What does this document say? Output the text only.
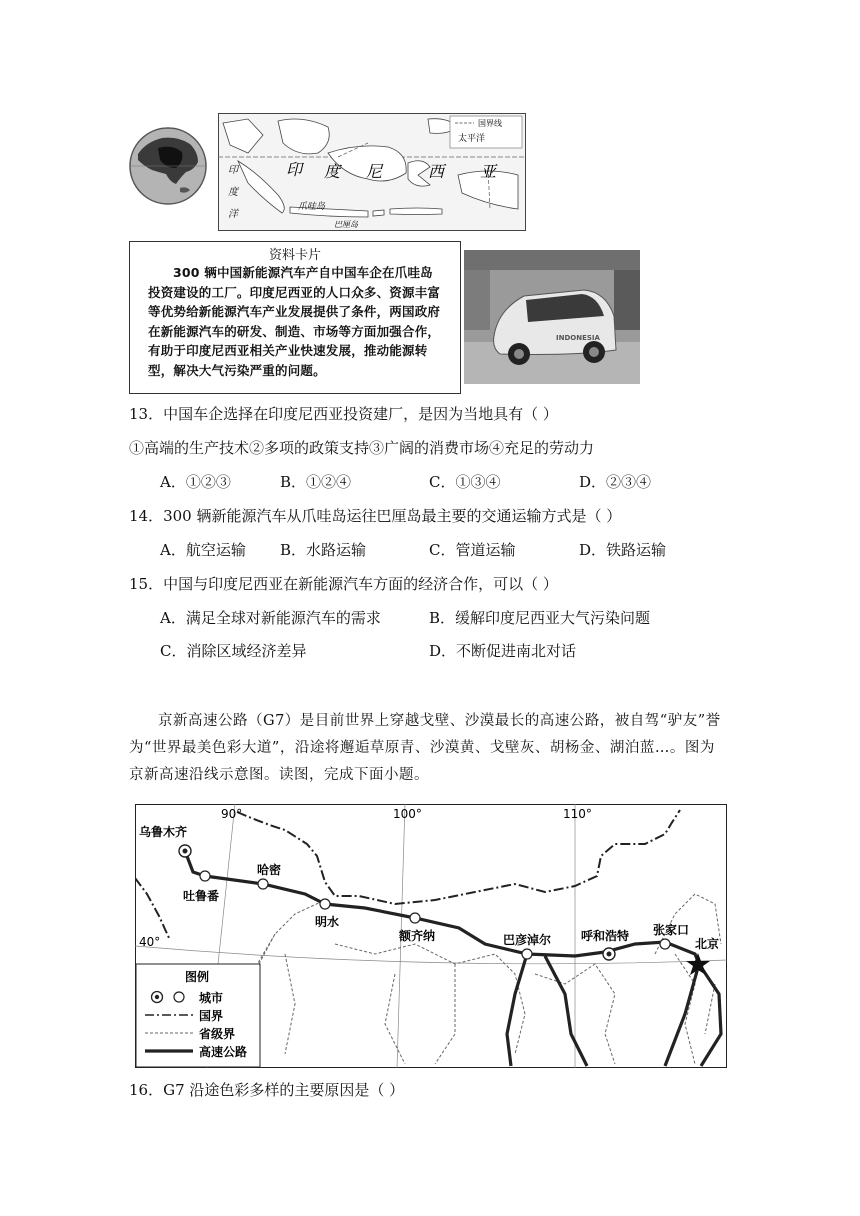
国界线
太平洋
印 度 尼	西 亚
爪哇岛
巴厘岛
印
度
洋
资料卡片
300 辆中国新能源汽车产自中国车企在爪哇岛投资建设的工厂。印度尼西亚的人口众多、资源丰富等优势给新能源汽车产业发展提供了条件，两国政府在新能源汽车的研发、制造、市场等方面加强合作，有助于印度尼西亚相关产业快速发展，推动能源转型，解决大气污染严重的问题。
INDONESIA
13．中国车企选择在印度尼西亚投资建厂，是因为当地具有（ ）
①高端的生产技术②多项的政策支持③广阔的消费市场④充足的劳动力
A．①②③	B．①②④	C．①③④	D．②③④
14．300 辆新能源汽车从爪哇岛运往巴厘岛最主要的交通运输方式是（ ）
A．航空运输 B．水路运输	C．管道运输	D．铁路运输
15．中国与印度尼西亚在新能源汽车方面的经济合作，可以（ ）
A．满足全球对新能源汽车的需求	B．缓解印度尼西亚大气污染问题
C．消除区域经济差异	D．不断促进南北对话
京新高速公路（G7）是目前世界上穿越戈壁、沙漠最长的高速公路，被自驾“驴友”誉为“世界最美色彩大道”，沿途将邂逅草原青、沙漠黄、戈壁灰、胡杨金、湖泊蓝…。图为京新高速沿线示意图。读图，完成下面小题。
90°	100°	110°
40°
乌鲁木齐
吐鲁番
哈密
明水
额齐纳	巴彦淖尔 呼和浩特 张家口
北京
图例
城市
国界
省级界
高速公路
16．G7 沿途色彩多样的主要原因是（ ）
